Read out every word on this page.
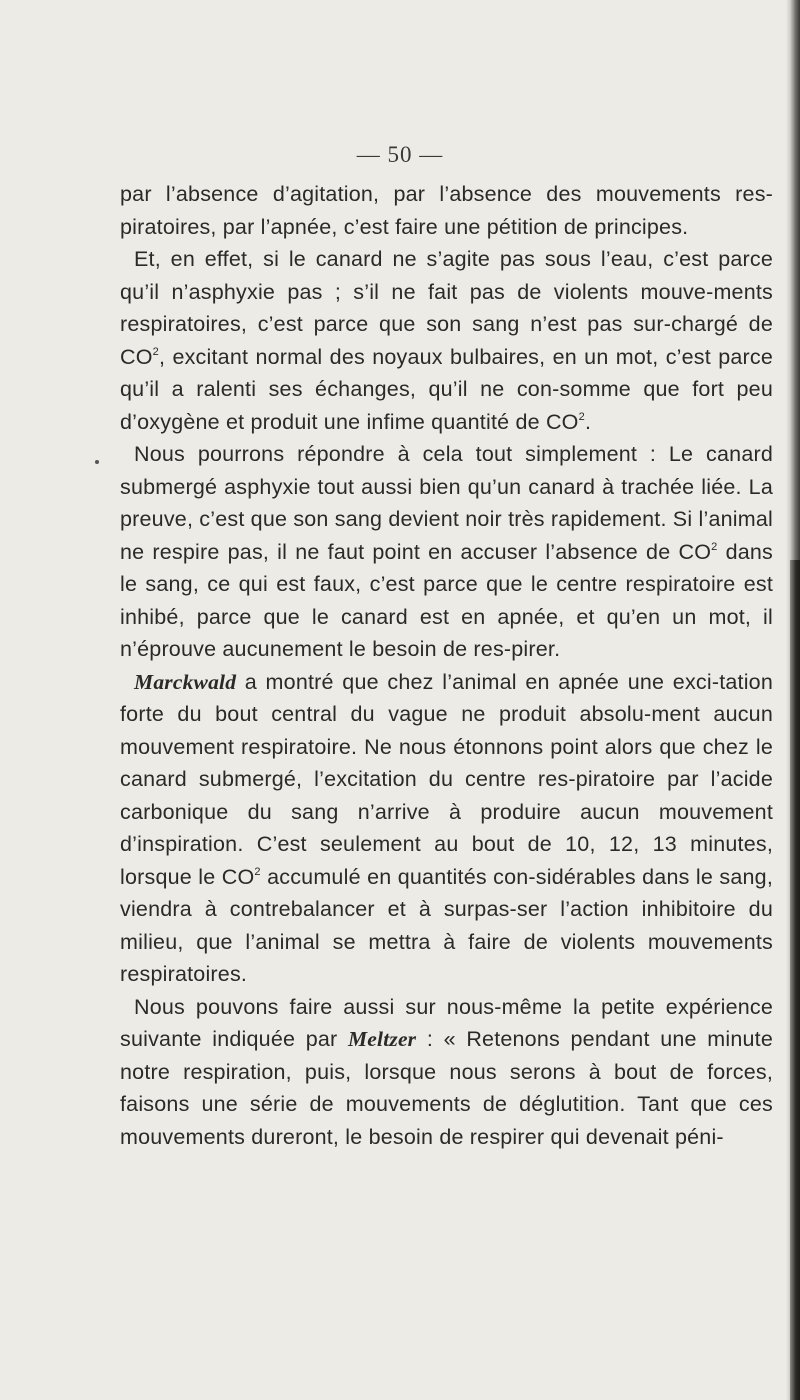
— 50 —

par l’absence d’agitation, par l’absence des mouvements res-piratoires, par l’apnée, c’est faire une pétition de principes.

Et, en effet, si le canard ne s’agite pas sous l’eau, c’est parce qu’il n’asphyxie pas ; s’il ne fait pas de violents mouve-ments respiratoires, c’est parce que son sang n’est pas sur-chargé de $CO^2$, excitant normal des noyaux bulbaires, en un mot, c’est parce qu’il a ralenti ses échanges, qu’il ne con-somme que fort peu d’oxygène et produit une infime quantité de $CO^2$.

Nous pourrons répondre à cela tout simplement : Le canard submergé asphyxie tout aussi bien qu’un canard à trachée liée. La preuve, c’est que son sang devient noir très rapidement. Si l’animal ne respire pas, il ne faut point en accuser l’absence de $CO^2$ dans le sang, ce qui est faux, c’est parce que le centre respiratoire est inhibé, parce que le canard est en apnée, et qu’en un mot, il n’éprouve aucunement le besoin de res-pirer.

Marckwald a montré que chez l’animal en apnée une exci-tation forte du bout central du vague ne produit absolu-ment aucun mouvement respiratoire. Ne nous étonnons point alors que chez le canard submergé, l’excitation du centre res-piratoire par l’acide carbonique du sang n’arrive à produire aucun mouvement d’inspiration. C’est seulement au bout de 10, 12, 13 minutes, lorsque le $CO^2$ accumulé en quantités con-sidérables dans le sang, viendra à contrebalancer et à surpas-ser l’action inhibitoire du milieu, que l’animal se mettra à faire de violents mouvements respiratoires.

Nous pouvons faire aussi sur nous-même la petite expérience suivante indiquée par Meltzer : « Retenons pendant une minute notre respiration, puis, lorsque nous serons à bout de forces, faisons une série de mouvements de déglutition. Tant que ces mouvements dureront, le besoin de respirer qui devenait péni-
